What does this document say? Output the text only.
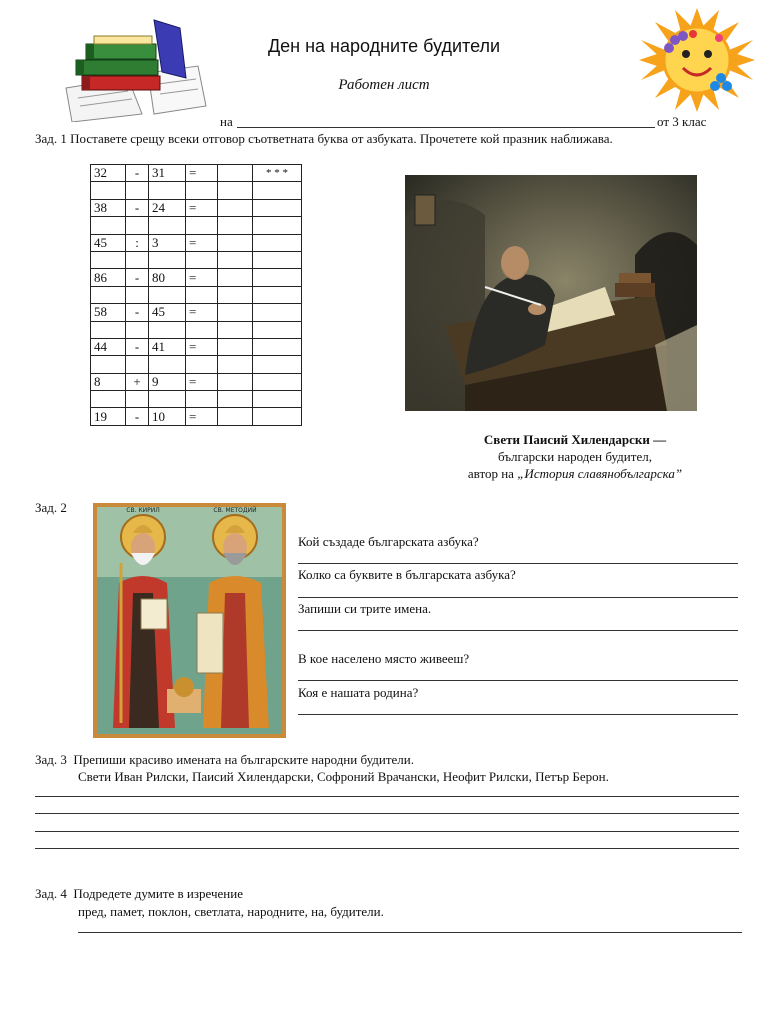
Ден на народните будители
Работен лист
на	от 3 клас
Зад. 1 Поставете срещу всеки отговор съответната буква от азбуката. Прочетете кой празник наближава.
32	-	31	=		* * *

38	-	24	=		

45	:	3	=		

86	-	80	=		

58	-	45	=		

44	-	41	=		

8	+	9	=		

19	-	10	=		
Свети Паисий Хилендарски —
български народен будител,
автор на „История славянобългарска”
Зад. 2	СВ. КИРИЛ	СВ. МЕТОДИЙ
Кой създаде българската азбука?
Колко са буквите в българската азбука?
Запиши си трите имена.
В кое населено място живееш?
Коя е нашата родина?
Зад. 3 Препиши красиво имената на българските народни будители.
Свети Иван Рилски, Паисий Хилендарски, Софроний Врачански, Неофит Рилски, Петър Берон.
Зад. 4 Подредете думите в изречение
пред, памет, поклон, светлата, народните, на, будители.
